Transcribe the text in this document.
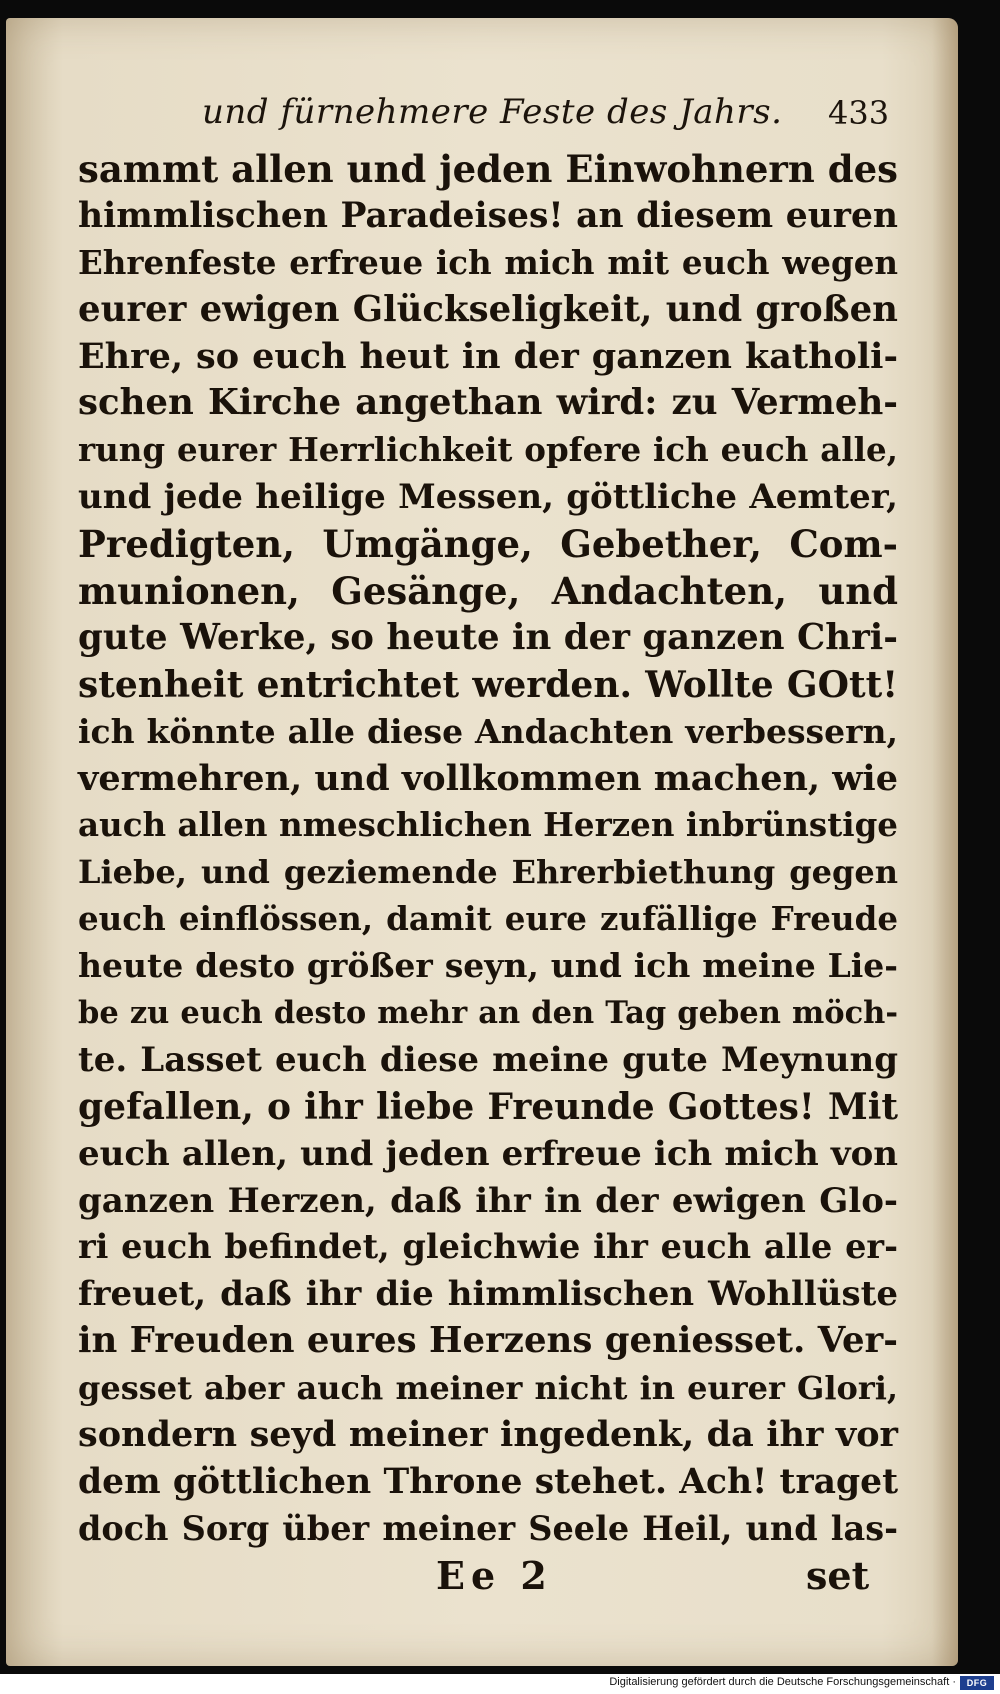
und fürnehmere Feste des Jahrs. 433
sammt allen und jeden Einwohnern des
himmlischen Paradeises! an diesem euren
Ehrenfeste erfreue ich mich mit euch wegen
eurer ewigen Glückseligkeit, und großen
Ehre, so euch heut in der ganzen katholi-
schen Kirche angethan wird: zu Vermeh-
rung eurer Herrlichkeit opfere ich euch alle,
und jede heilige Messen, göttliche Aemter,
Predigten, Umgänge, Gebether, Com-
munionen, Gesänge, Andachten, und
gute Werke, so heute in der ganzen Chri-
stenheit entrichtet werden. Wollte GOtt!
ich könnte alle diese Andachten verbessern,
vermehren, und vollkommen machen, wie
auch allen nmeschlichen Herzen inbrünstige
Liebe, und geziemende Ehrerbiethung gegen
euch einflössen, damit eure zufällige Freude
heute desto größer seyn, und ich meine Lie-
be zu euch desto mehr an den Tag geben möch-
te. Lasset euch diese meine gute Meynung
gefallen, o ihr liebe Freunde Gottes! Mit
euch allen, und jeden erfreue ich mich von
ganzen Herzen, daß ihr in der ewigen Glo-
ri euch befindet, gleichwie ihr euch alle er-
freuet, daß ihr die himmlischen Wohllüste
in Freuden eures Herzens geniesset. Ver-
gesset aber auch meiner nicht in eurer Glori,
sondern seyd meiner ingedenk, da ihr vor
dem göttlichen Throne stehet. Ach! traget
doch Sorg über meiner Seele Heil, und las-
Ee 2	set
Digitalisierung gefördert durch die Deutsche Forschungsgemeinschaft ·	DFG
